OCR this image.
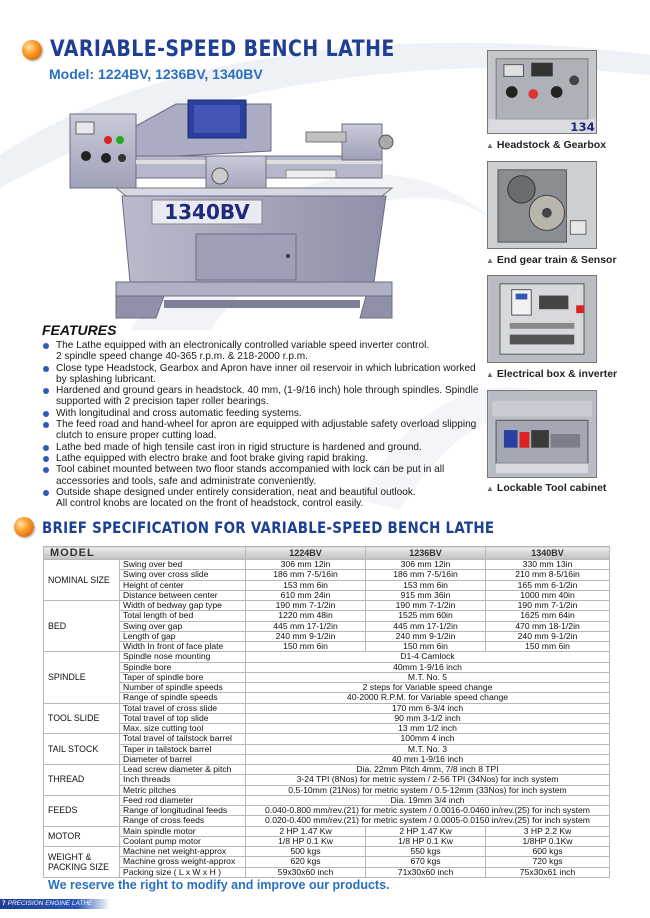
VARIABLE-SPEED BENCH LATHE
Model: 1224BV, 1236BV, 1340BV
1340BV
134
▲ Headstock & Gearbox
▲ End gear train & Sensor
▲ Electrical box & inverter
▲ Lockable Tool cabinet
FEATURES
The Lathe equipped with an electronically controlled variable speed inverter control.
2 spindle speed change 40-365 r.p.m. & 218-2000 r.p.m.
Close type Headstock, Gearbox and Apron have inner oil reservoir in which lubrication worked by splashing lubricant.
Hardened and ground gears in headstock. 40 mm, (1-9/16 inch) hole through spindles. Spindle supported with 2 precision taper roller bearings.
With longitudinal and cross automatic feeding systems.
The feed road and hand-wheel for apron are equipped with adjustable safety overload slipping clutch to ensure proper cutting load.
Lathe bed made of high tensile cast iron in rigid structure is hardened and ground.
Lathe equipped with electro brake and foot brake giving rapid braking.
Tool cabinet mounted between two floor stands accompanied with lock can be put in all accessories and tools, safe and administrate conveniently.
Outside shape designed under entirely consideration, neat and beautiful outlook.
All control knobs are located on the front of headstock, control easily.
BRIEF SPECIFICATION FOR VARIABLE-SPEED BENCH LATHE
MODEL		1224BV	1236BV	1340BV
NOMINAL SIZE	Swing over bed	306 mm 12in	306 mm 12in	330 mm 13in
	Swing over cross slide	186 mm 7-5/16in	186 mm 7-5/16in	210 mm 8-5/16in
	Height of center	153 mm 6in	153 mm 6in	165 mm 6-1/2in
	Distance between center	610 mm 24in	915 mm 36in	1000 mm 40in
BED	Width of bedway gap type	190 mm 7-1/2in	190 mm 7-1/2in	190 mm 7-1/2in
	Total length of bed	1220 mm 48in	1525 mm 60in	1625 mm 64in
	Swing over gap	445 mm 17-1/2in	445 mm 17-1/2in	470 mm 18-1/2in
	Length of gap	240 mm 9-1/2in	240 mm 9-1/2in	240 mm 9-1/2in
	Width In front of face plate	150 mm 6in	150 mm 6in	150 mm 6in
SPINDLE	Spindle nose mounting	D1-4 Camlock		
	Spindle bore	40mm 1-9/16 inch		
	Taper of spindle bore	M.T. No. 5		
	Number of spindle speeds	2 steps for Variable speed change		
	Range of spindle speeds	40-2000 R.P.M. for Variable speed change		
TOOL SLIDE	Total travel of cross slide	170 mm 6-3/4 inch		
	Total travel of top slide	90 mm 3-1/2 inch		
	Max. size cutting tool	13 mm 1/2 inch		
TAIL STOCK	Total travel of tailstock barrel	100mm 4 inch		
	Taper in tailstock barrel	M.T. No. 3		
	Diameter of barrel	40 mm 1-9/16 inch		
THREAD	Lead screw diameter & pitch	Dia. 22mm Pitch 4mm, 7/8 inch 8 TPI		
	Inch threads	3-24 TPI (8Nos) for metric system / 2-56 TPI (34Nos) for inch system		
	Metric pitches	0.5-10mm (21Nos) for metric system / 0.5-12mm (33Nos) for inch system		
FEEDS	Feed rod diameter	Dia. 19mm 3/4 inch		
	Range of longitudinal feeds	0.040-0.800 mm/rev.(21) for metric system / 0.0016-0.0460 in/rev.(25) for inch system		
	Range of cross feeds	0.020-0.400 mm/rev.(21) for metric system / 0.0005-0.0150 in/rev.(25) for inch system		
MOTOR	Main spindle motor	2 HP 1.47 Kw	2 HP 1.47 Kw	3 HP 2.2 Kw
	Coolant pump motor	1/8 HP 0.1 Kw	1/8 HP 0.1 Kw	1/8HP 0.1Kw

WEIGHT &
PACKING SIZE	Machine net weight-approx	500 kgs	550 kgs	600 kgs
	Machine gross weight-approx	620 kgs	670 kgs	720 kgs
	Packing size ( L x W x H )	59x30x60 inch	71x30x60 inch	75x30x61 inch
We reserve the right to modify and improve our products.
7 PRECISION ENGINE LATHE
